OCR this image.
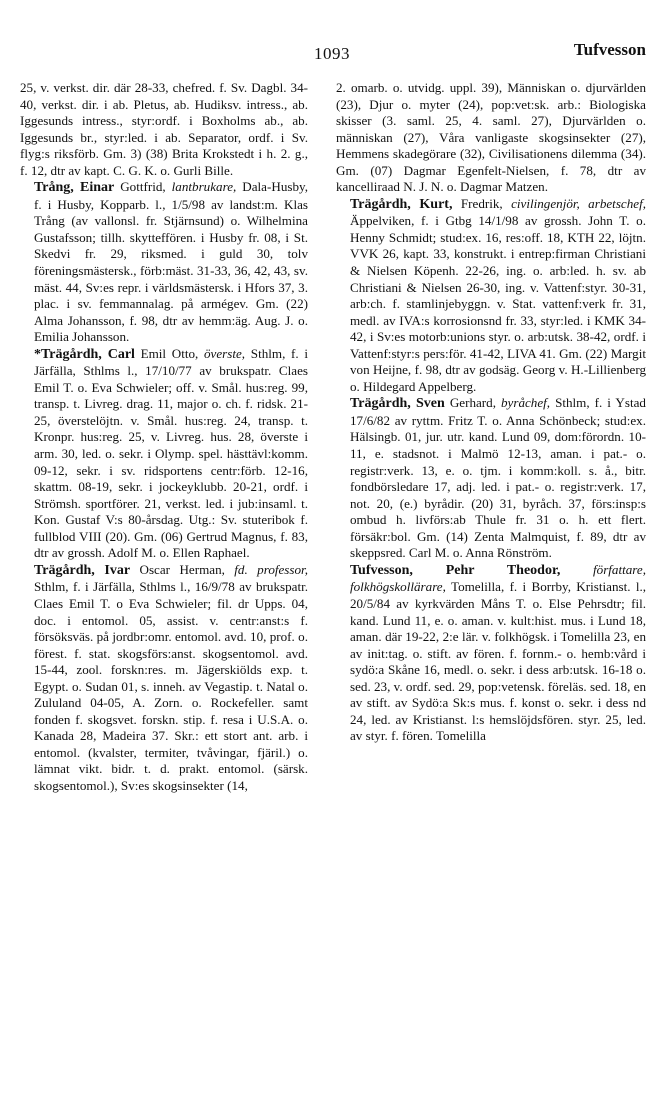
1093	Tufvesson

25, v. verkst. dir. där 28-33, chefred. f. Sv. Dagbl. 34-40, verkst. dir. i ab. Pletus, ab. Hudiksv. intress., ab. Iggesunds intress., styr:ordf. i Boxholms ab., ab. Iggesunds br., styr:led. i ab. Separator, ordf. i Sv. flyg:s riksförb. Gm. 3) (38) Brita Krokstedt i h. 2. g., f. 12, dtr av kapt. C. G. K. o. Gurli Bille.

Trång, Einar Gottfrid, lantbrukare, Dala-Husby, f. i Husby, Kopparb. l., 1/5/98 av landst:m. Klas Trång (av vallonsl. fr. Stjärnsund) o. Wilhelmina Gustafsson; tillh. skytteffören. i Husby fr. 08, i St. Skedvi fr. 29, riksmed. i guld 30, tolv föreningsmästersk., förb:mäst. 31-33, 36, 42, 43, sv. mäst. 44, Sv:es repr. i världsmästersk. i Hfors 37, 3. plac. i sv. femmannalag. på armégev. Gm. (22) Alma Johansson, f. 98, dtr av hemm:äg. Aug. J. o. Emilia Johansson.

*Trägårdh, Carl Emil Otto, överste, Sthlm, f. i Järfälla, Sthlms l., 17/10/77 av brukspatr. Claes Emil T. o. Eva Schwieler; off. v. Smål. hus:reg. 99, transp. t. Livreg. drag. 11, major o. ch. f. ridsk. 21-25, överstelöjtn. v. Smål. hus:reg. 24, transp. t. Kronpr. hus:reg. 25, v. Livreg. hus. 28, överste i arm. 30, led. o. sekr. i Olymp. spel. hästtävl:komm. 09-12, sekr. i sv. ridsportens centr:förb. 12-16, skattm. 08-19, sekr. i jockeyklubb. 20-21, ordf. i Strömsh. sportförer. 21, verkst. led. i jub:insaml. t. Kon. Gustaf V:s 80-årsdag. Utg.: Sv. stuteribok f. fullblod VIII (20). Gm. (06) Gertrud Magnus, f. 83, dtr av grossh. Adolf M. o. Ellen Raphael.

Trägårdh, Ivar Oscar Herman, fd. professor, Sthlm, f. i Järfälla, Sthlms l., 16/9/78 av brukspatr. Claes Emil T. o Eva Schwieler; fil. dr Upps. 04, doc. i entomol. 05, assist. v. centr:anst:s f. försöksväs. på jordbr:omr. entomol. avd. 10, prof. o. förest. f. stat. skogsförs:anst. skogsentomol. avd. 15-44, zool. forskn:res. m. Jägerskiölds exp. t. Egypt. o. Sudan 01, s. inneh. av Vegastip. t. Natal o. Zululand 04-05, A. Zorn. o. Rockefeller. samt fonden f. skogsvet. forskn. stip. f. resa i U.S.A. o. Kanada 28, Madeira 37. Skr.: ett stort ant. arb. i entomol. (kvalster, termiter, tvåvingar, fjäril.) o. lämnat vikt. bidr. t. d. prakt. entomol. (särsk. skogsentomol.), Sv:es skogsinsekter (14,

2. omarb. o. utvidg. uppl. 39), Människan o. djurvärlden (23), Djur o. myter (24), pop:vet:sk. arb.: Biologiska skisser (3. saml. 25, 4. saml. 27), Djurvärlden o. människan (27), Våra vanligaste skogsinsekter (27), Hemmens skadegörare (32), Civilisationens dilemma (34). Gm. (07) Dagmar Egenfelt-Nielsen, f. 78, dtr av kancelliraad N. J. N. o. Dagmar Matzen.

Trägårdh, Kurt, Fredrik, civilingenjör, arbetschef, Äppelviken, f. i Gtbg 14/1/98 av grossh. John T. o. Henny Schmidt; stud:ex. 16, res:off. 18, KTH 22, löjtn. VVK 26, kapt. 33, konstrukt. i entrep:firman Christiani & Nielsen Köpenh. 22-26, ing. o. arb:led. h. sv. ab Christiani & Nielsen 26-30, ing. v. Vattenf:styr. 30-31, arb:ch. f. stamlinjebyggn. v. Stat. vattenf:verk fr. 31, medl. av IVA:s korrosionsnd fr. 33, styr:led. i KMK 34-42, i Sv:es motorb:unions styr. o. arb:utsk. 38-42, ordf. i Vattenf:styr:s pers:för. 41-42, LIVA 41. Gm. (22) Margit von Heijne, f. 98, dtr av godsäg. Georg v. H.-Lillienberg o. Hildegard Appelberg.

Trägårdh, Sven Gerhard, byråchef, Sthlm, f. i Ystad 17/6/82 av ryttm. Fritz T. o. Anna Schönbeck; stud:ex. Hälsingb. 01, jur. utr. kand. Lund 09, dom:förordn. 10-11, e. stadsnot. i Malmö 12-13, aman. i pat.- o. registr:verk. 13, e. o. tjm. i komm:koll. s. å., bitr. fondbörsledare 17, adj. led. i pat.- o. registr:verk. 17, not. 20, (e.) byrådir. (20) 31, byråch. 37, förs:insp:s ombud h. livförs:ab Thule fr. 31 o. h. ett flert. försäkr:bol. Gm. (14) Zenta Malmquist, f. 89, dtr av skeppsred. Carl M. o. Anna Rönström.

Tufvesson, Pehr Theodor, författare, folkhögskollärare, Tomelilla, f. i Borrby, Kristianst. l., 20/5/84 av kyrkvärden Måns T. o. Else Pehrsdtr; fil. kand. Lund 11, e. o. aman. v. kult:hist. mus. i Lund 18, aman. där 19-22, 2:e lär. v. folkhögsk. i Tomelilla 23, en av init:tag. o. stift. av fören. f. fornm.- o. hemb:vård i sydö:a Skåne 16, medl. o. sekr. i dess arb:utsk. 16-18 o. sed. 23, v. ordf. sed. 29, pop:vetensk. föreläs. sed. 18, en av stift. av Sydö:a Sk:s mus. f. konst o. sekr. i dess nd 24, led. av Kristianst. l:s hemslöjdsfören. styr. 25, led. av styr. f. fören. Tomelilla
